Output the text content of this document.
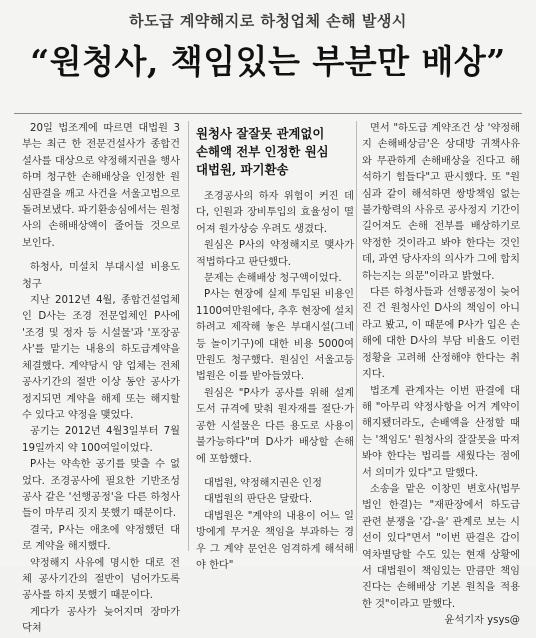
하도급 계약해지로 하청업체 손해 발생시
“원청사, 책임있는 부분만 배상”

20일 법조계에 따르면 대법원 3부는 최근 한 전문건설사가 종합건설사를 대상으로 약정해지권을 행사하며 청구한 손해배상을 인정한 원심판결을 깨고 사건을 서울고법으로 돌려보냈다. 파기환송심에서는 원청사의 손해배상액이 줄어들 것으로 보인다.

하청사, 미설치 부대시설 비용도 청구

지난 2012년 4월, 종합건설업체인 D사는 조경 전문업체인 P사에 '조경 및 정자 등 시설물'과 '포장공사'를 맡기는 내용의 하도급계약을 체결했다. 계약당시 양 업체는 전체 공사기간의 절반 이상 동안 공사가 정지되면 계약을 해제 또는 해지할 수 있다고 약정을 맺었다.

공기는 2012년 4월3일부터 7월19일까지 약 100여일이었다.

P사는 약속한 공기를 맞출 수 없었다. 조경공사에 필요한 기반조성 공사 같은 '선행공정'을 다른 하청사들이 마무리 짓지 못했기 때문이다.

결국, P사는 애초에 약정했던 대로 계약을 해지했다.

약정해지 사유에 명시한 대로 전체 공사기간의 절반이 넘어가도록 공사를 하지 못했기 때문이다.

게다가 공사가 늦어지며 장마가 닥쳐

원청사 잘잘못 관계없이
손해액 전부 인정한 원심
대법원, 파기환송

조경공사의 하자 위험이 커진 데다, 인원과 장비투입의 효율성이 떨어져 원가상승 우려도 생겼다.

원심은 P사의 약정해지로 맺사가 적법하다고 판단했다.

문제는 손해배상 청구액이었다.

P사는 현장에 실제 투입된 비용인 1100여만원에다, 추후 현장에 설치하려고 제작해 놓은 부대시설(그네 등 놀이기구)에 대한 비용 5000여만원도 청구했다. 원심인 서울고등법원은 이를 받아들였다.

원심은 "P사가 공사를 위해 설계도서 규격에 맞춰 원자재를 절단·가공한 시설물은 다른 용도로 사용이 불가능하다"며 D사가 배상할 손해에 포함했다.

대법원, 약정해지권은 인정

대법원의 판단은 달랐다.

대법원은 "계약의 내용이 어느 일방에게 무거운 책임을 부과하는 경우 그 계약 문언은 엄격하게 해석해야 한다"

면서 "하도급 계약조건 상 '약정해지 손해배상금'은 상대방 귀책사유와 무관하게 손해배상을 진다고 해석하기 힘들다"고 판시했다. 또 "원심과 같이 해석하면 쌍방책임 없는 불가항력의 사유로 공사정지 기간이 길어져도 손해 전부를 배상하기로 약정한 것이라고 봐야 한다는 것인데, 과연 당사자의 의사가 그에 합치하는지는 의문"이라고 밝혔다.

다른 하청사들과 선행공정이 늦어진 건 원청사인 D사의 책임이 아니라고 봤고, 이 때문에 P사가 입은 손해에 대한 D사의 부담 비율도 이런 정황을 고려해 산정해야 한다는 취지다.

법조계 관계자는 이번 판결에 대해 "아무리 약정사항을 어겨 계약이 해지됐더라도, 손배액을 산정할 때는 '책임도' 원청사의 잘잘못을 따져봐야 한다는 법리를 새웠다는 점에서 의미가 있다"고 말했다.

소송을 맡은 이창민 변호사(법무법인 한결)는 "재판장에서 하도급 관련 분쟁을 '갑-을' 관계로 보는 시선이 있다"면서 "이번 판결은 갑이 역차별당할 수도 있는 현재 상황에서 대법원이 책임있는 만큼만 책임진다는 손해배상 기본 원칙을 적용한 것"이라고 말했다.

윤석기자 ysys@
